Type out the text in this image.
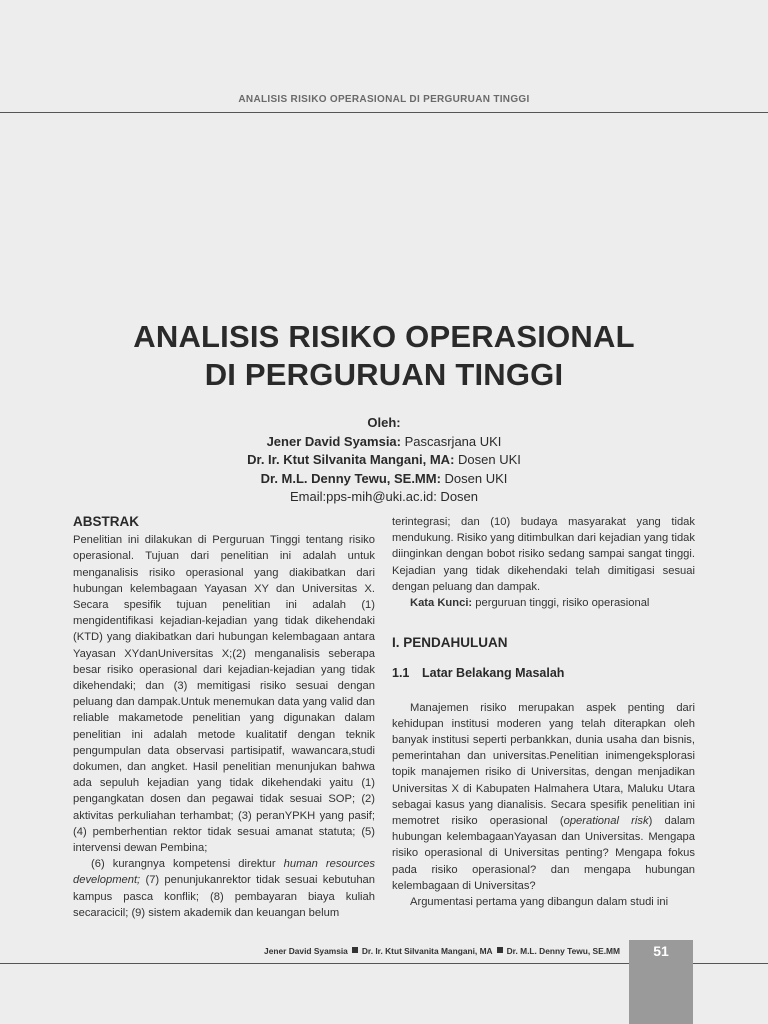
ANALISIS RISIKO OPERASIONAL DI PERGURUAN TINGGI
ANALISIS RISIKO OPERASIONAL
DI PERGURUAN TINGGI
Oleh:
Jener David Syamsia: Pascasrjana UKI
Dr. Ir. Ktut Silvanita Mangani, MA: Dosen UKI
Dr. M.L. Denny Tewu, SE.MM: Dosen UKI
Email:pps-mih@uki.ac.id: Dosen
ABSTRAK

Penelitian ini dilakukan di Perguruan Tinggi tentang risiko operasional. Tujuan dari penelitian ini adalah untuk menganalisis risiko operasional yang diakibatkan dari hubungan kelembagaan Yayasan XY dan Universitas X. Secara spesifik tujuan penelitian ini adalah (1) mengidentifikasi kejadian-kejadian yang tidak dikehendaki (KTD) yang diakibatkan dari hubungan kelembagaan antara Yayasan XYdanUniversitas X;(2) menganalisis seberapa besar risiko operasional dari kejadian-kejadian yang tidak dikehendaki; dan (3) memitigasi risiko sesuai dengan peluang dan dampak.Untuk menemukan data yang valid dan reliable makametode penelitian yang digunakan dalam penelitian ini adalah metode kualitatif dengan teknik pengumpulan data observasi partisipatif, wawancara,studi dokumen, dan angket. Hasil penelitian menunjukan bahwa ada sepuluh kejadian yang tidak dikehendaki yaitu (1) pengangkatan dosen dan pegawai tidak sesuai SOP; (2) aktivitas perkuliahan terhambat; (3) peranYPKH yang pasif; (4) pemberhentian rektor tidak sesuai amanat statuta; (5) intervensi dewan Pembina;

(6) kurangnya kompetensi direktur human resources development; (7) penunjukanrektor tidak sesuai kebutuhan kampus pasca konflik; (8) pembayaran biaya kuliah secaracicil; (9) sistem akademik dan keuangan belum

terintegrasi; dan (10) budaya masyarakat yang tidak mendukung. Risiko yang ditimbulkan dari kejadian yang tidak diinginkan dengan bobot risiko sedang sampai sangat tinggi. Kejadian yang tidak dikehendaki telah dimitigasi sesuai dengan peluang dan dampak.

Kata Kunci: perguruan tinggi, risiko operasional

I. PENDAHULUAN
1.1 Latar Belakang Masalah

Manajemen risiko merupakan aspek penting dari kehidupan institusi moderen yang telah diterapkan oleh banyak institusi seperti perbankkan, dunia usaha dan bisnis, pemerintahan dan universitas.Penelitian inimengeksplorasi topik manajemen risiko di Universitas, dengan menjadikan Universitas X di Kabupaten Halmahera Utara, Maluku Utara sebagai kasus yang dianalisis. Secara spesifik penelitian ini memotret risiko operasional (operational risk) dalam hubungan kelembagaanYayasan dan Universitas. Mengapa risiko operasional di Universitas penting? Mengapa fokus pada risiko operasional? dan mengapa hubungan kelembagaan di Universitas?

Argumentasi pertama yang dibangun dalam studi ini

Jener David Syamsia Dr. Ir. Ktut Silvanita Mangani, MA Dr. M.L. Denny Tewu, SE.MM	51
